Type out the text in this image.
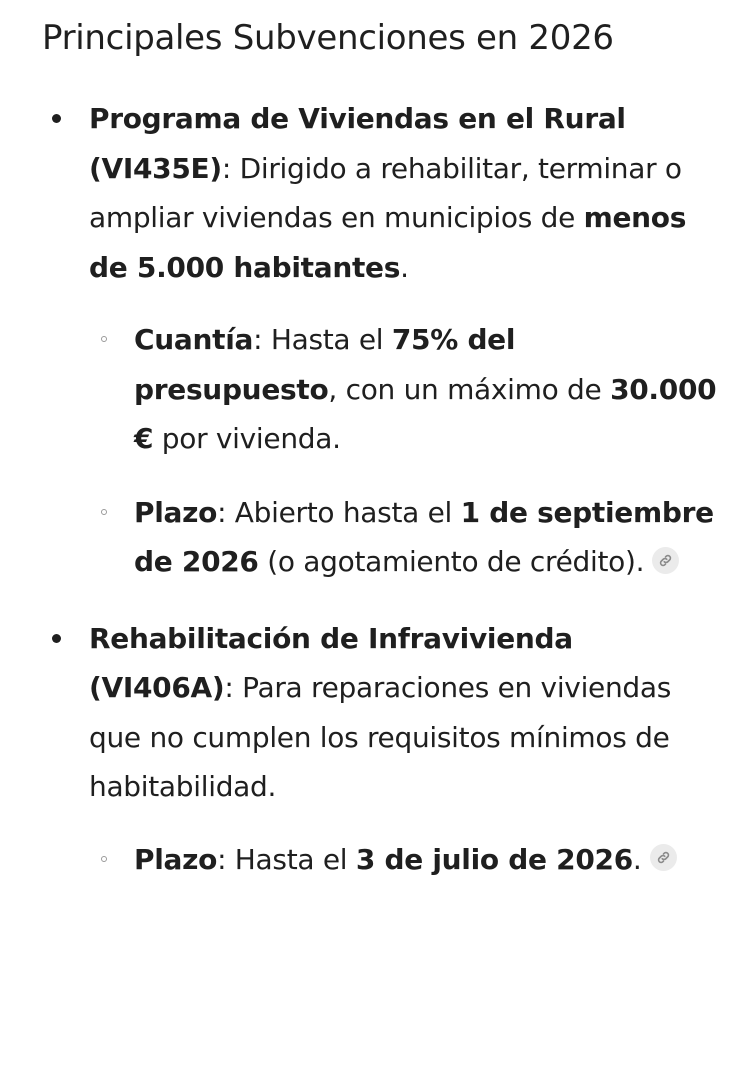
Principales Subvenciones en 2026
Programa de Viviendas en el Rural (VI435E): Dirigido a rehabilitar, terminar o ampliar viviendas en municipios de menos de 5.000 habitantes.
Cuantía: Hasta el 75% del presupuesto, con un máximo de 30.000 € por vivienda.
Plazo: Abierto hasta el 1 de septiembre de 2026 (o agotamiento de crédito).
Rehabilitación de Infravivienda (VI406A): Para reparaciones en viviendas que no cumplen los requisitos mínimos de habitabilidad.
Plazo: Hasta el 3 de julio de 2026.
